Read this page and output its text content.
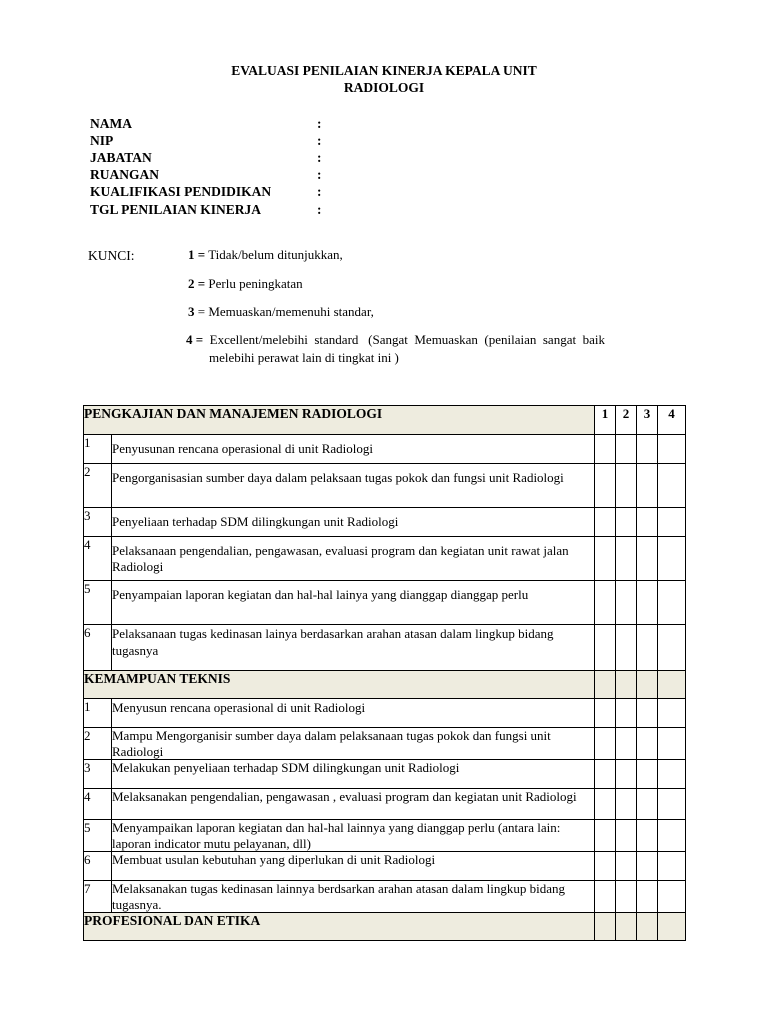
EVALUASI PENILAIAN KINERJA KEPALA UNIT
RADIOLOGI
NAMA	:
NIP	:
JABATAN	:
RUANGAN	:
KUALIFIKASI PENDIDIKAN	:
TGL PENILAIAN KINERJA	:
KUNCI:	1 = Tidak/belum ditunjukkan,
2 = Perlu peningkatan
3 = Memuaskan/memenuhi standar,
4 = Excellent/melebihi  standard   (Sangat  Memuaskan  (penilaian  sangat  baik
melebihi perawat lain di tingkat ini )
PENGKAJIAN DAN MANAJEMEN RADIOLOGI		1	2	3	4
1	Penyusunan rencana operasional di unit Radiologi				
2	Pengorganisasian sumber daya dalam pelaksaan tugas pokok dan fungsi unit Radiologi				
3	Penyeliaan terhadap SDM dilingkungan unit Radiologi				
4	Pelaksanaan pengendalian, pengawasan, evaluasi program dan kegiatan unit rawat jalan Radiologi				
5	Penyampaian laporan kegiatan dan hal-hal lainya yang dianggap dianggap perlu				
6	Pelaksanaan tugas kedinasan lainya berdasarkan arahan atasan dalam lingkup bidang tugasnya				
KEMAMPUAN TEKNIS					
1	Menyusun rencana operasional di unit Radiologi				
2	Mampu Mengorganisir sumber daya dalam pelaksanaan tugas pokok dan fungsi unit Radiologi				
3	Melakukan penyeliaan terhadap SDM dilingkungan unit Radiologi				
4	Melaksanakan pengendalian, pengawasan , evaluasi program dan kegiatan unit Radiologi				
5	Menyampaikan laporan kegiatan dan hal-hal lainnya yang dianggap perlu (antara lain: laporan indicator mutu pelayanan, dll)				
6	Membuat usulan kebutuhan yang diperlukan di unit Radiologi				
7	Melaksanakan tugas kedinasan lainnya berdsarkan arahan atasan dalam lingkup bidang tugasnya.				
PROFESIONAL DAN ETIKA					
